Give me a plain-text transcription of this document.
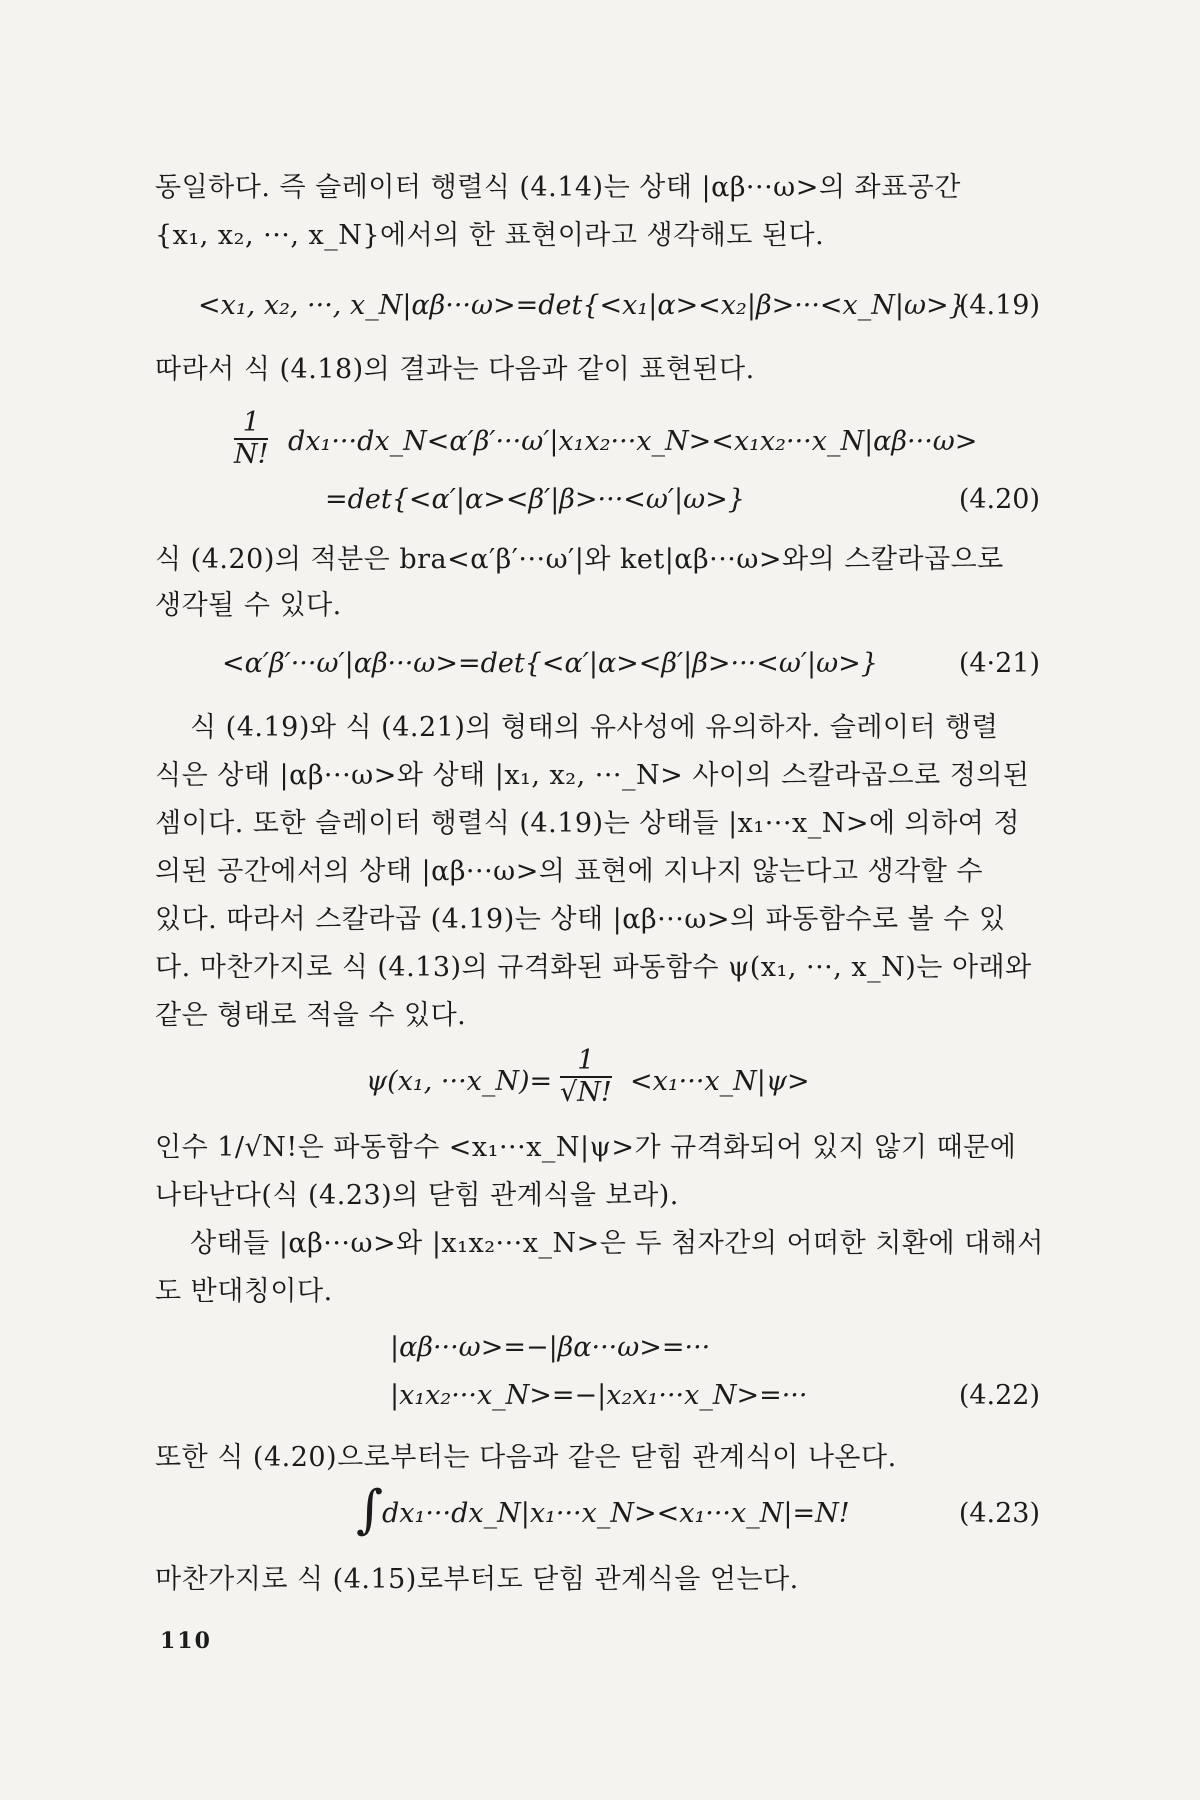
동일하다. 즉 슬레이터 행렬식 (4.14)는 상태 |αβ···ω>의 좌표공간
{x₁, x₂, ···, x_N}에서의 한 표현이라고 생각해도 된다.
<x₁, x₂, ···, x_N|αβ···ω>=det{<x₁|α><x₂|β>···<x_N|ω>}
(4.19)
따라서 식 (4.18)의 결과는 다음과 같이 표현된다.
$\frac{1}{N!}$ dx₁···dx_N<α′β′···ω′|x₁x₂···x_N><x₁x₂···x_N|αβ···ω>
=det{<α′|α><β′|β>···<ω′|ω>}	(4.20)
식 (4.20)의 적분은 bra<α′β′···ω′|와 ket|αβ···ω>와의 스칼라곱으로
생각될 수 있다.
<α′β′···ω′|αβ···ω>=det{<α′|α><β′|β>···<ω′|ω>}	(4·21)
식 (4.19)와 식 (4.21)의 형태의 유사성에 유의하자. 슬레이터 행렬
식은 상태 |αβ···ω>와 상태 |x₁, x₂, ···_N> 사이의 스칼라곱으로 정의된
셈이다. 또한 슬레이터 행렬식 (4.19)는 상태들 |x₁···x_N>에 의하여 정
의된 공간에서의 상태 |αβ···ω>의 표현에 지나지 않는다고 생각할 수
있다. 따라서 스칼라곱 (4.19)는 상태 |αβ···ω>의 파동함수로 볼 수 있
다. 마찬가지로 식 (4.13)의 규격화된 파동함수 ψ(x₁, ···, x_N)는 아래와
같은 형태로 적을 수 있다.
ψ(x₁, ···x_N)= $\frac{1}{√N!}$ <x₁···x_N|ψ>
인수 1/√N!은 파동함수 <x₁···x_N|ψ>가 규격화되어 있지 않기 때문에
나타난다(식 (4.23)의 닫힘 관계식을 보라).
상태들 |αβ···ω>와 |x₁x₂···x_N>은 두 첨자간의 어떠한 치환에 대해서
도 반대칭이다.
|αβ···ω>=−|βα···ω>=···
|x₁x₂···x_N>=−|x₂x₁···x_N>=···	(4.22)
또한 식 (4.20)으로부터는 다음과 같은 닫힘 관계식이 나온다.
∫
dx₁···dx_N|x₁···x_N><x₁···x_N|=N!	(4.23)
마찬가지로 식 (4.15)로부터도 닫힘 관계식을 얻는다.
110
